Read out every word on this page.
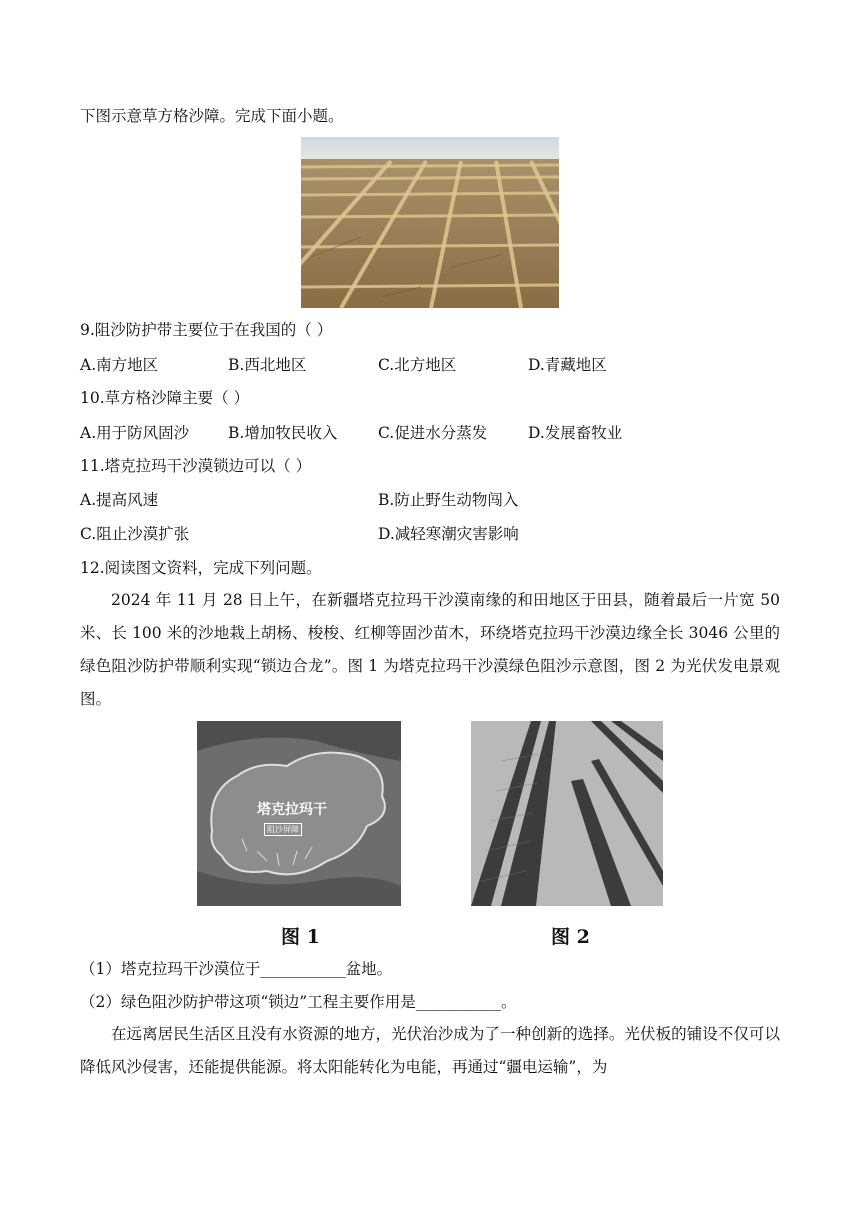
下图示意草方格沙障。完成下面小题。
9.阻沙防护带主要位于在我国的（ ）
A.南方地区	B.西北地区	C.北方地区	D.青藏地区
10.草方格沙障主要（ ）
A.用于防风固沙	B.增加牧民收入	C.促进水分蒸发	D.发展畜牧业
11.塔克拉玛干沙漠锁边可以（ ）
A.提高风速	B.防止野生动物闯入
C.阻止沙漠扩张	D.减轻寒潮灾害影响
12.阅读图文资料，完成下列问题。
2024 年 11 月 28 日上午，在新疆塔克拉玛干沙漠南缘的和田地区于田县，随着最后一片宽 50 米、长 100 米的沙地栽上胡杨、梭梭、红柳等固沙苗木，环绕塔克拉玛干沙漠边缘全长 3046 公里的绿色阻沙防护带顺利实现“锁边合龙”。图 1 为塔克拉玛干沙漠绿色阻沙示意图，图 2 为光伏发电景观图。
塔克拉玛干
阻沙屏障
图 1	图 2
（1）塔克拉玛干沙漠位于___________盆地。
（2）绿色阻沙防护带这项“锁边”工程主要作用是___________。
在远离居民生活区且没有水资源的地方，光伏治沙成为了一种创新的选择。光伏板的铺设不仅可以降低风沙侵害，还能提供能源。将太阳能转化为电能，再通过“疆电运输”，为
